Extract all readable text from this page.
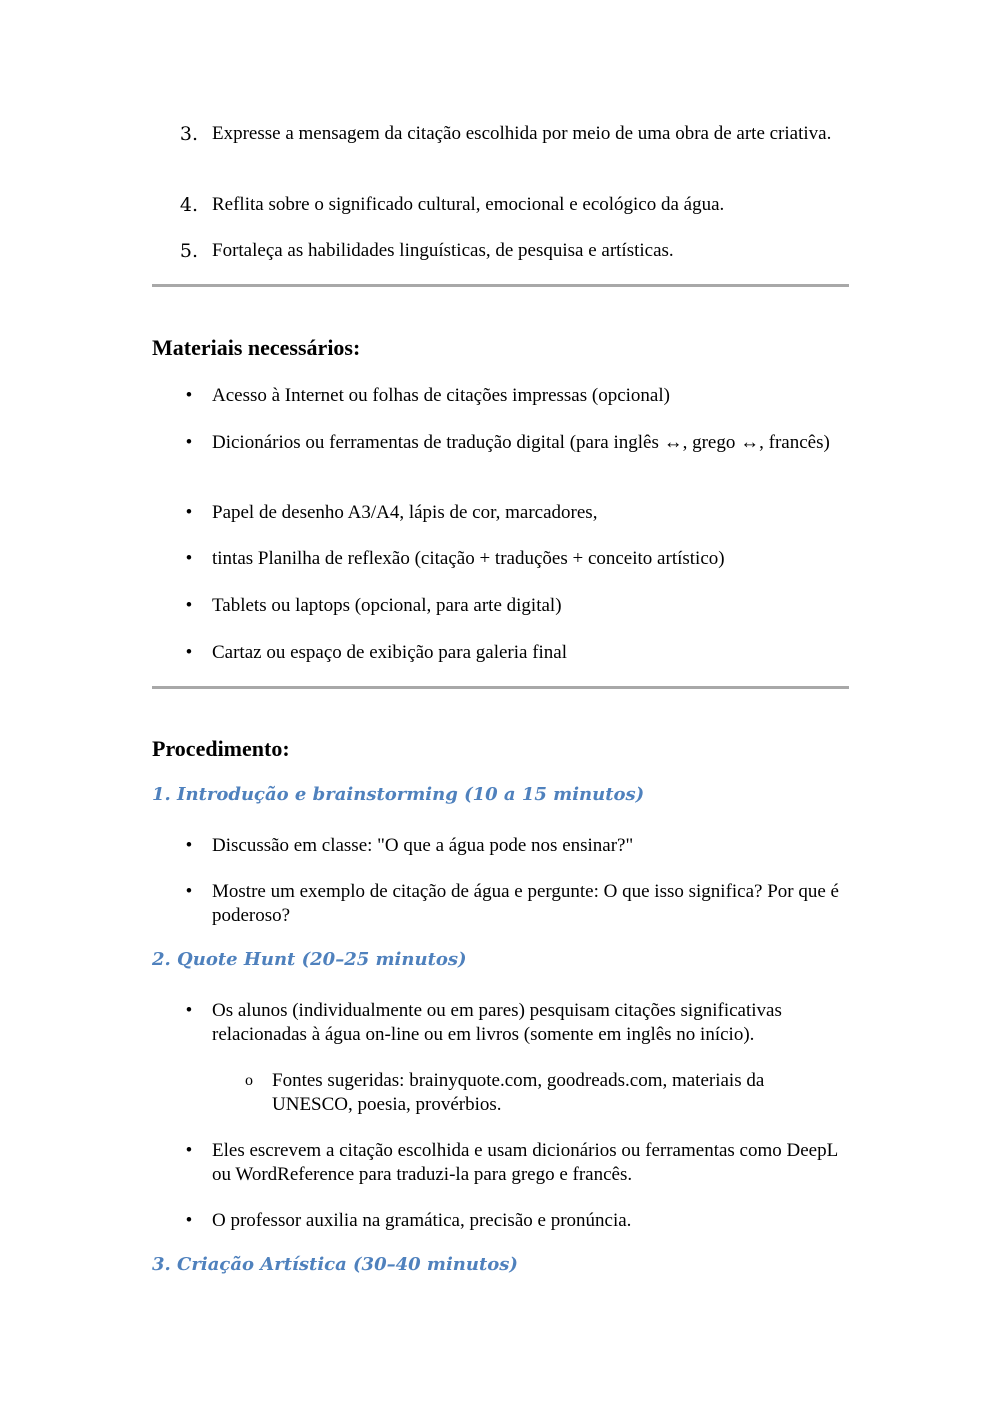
3. Expresse a mensagem da citação escolhida por meio de uma obra de arte criativa.
4. Reflita sobre o significado cultural, emocional e ecológico da água.
5. Fortaleça as habilidades linguísticas, de pesquisa e artísticas.
Materiais necessários:
•	Acesso à Internet ou folhas de citações impressas (opcional)
•	Dicionários ou ferramentas de tradução digital (para inglês ↔, grego ↔, francês)
•	Papel de desenho A3/A4, lápis de cor, marcadores,
•	tintas Planilha de reflexão (citação + traduções + conceito artístico)
•	Tablets ou laptops (opcional, para arte digital)
•	Cartaz ou espaço de exibição para galeria final
Procedimento:
1. Introdução e brainstorming (10 a 15 minutos)
•	Discussão em classe: "O que a água pode nos ensinar?"
•	Mostre um exemplo de citação de água e pergunte: O que isso significa? Por que é poderoso?
2. Quote Hunt (20–25 minutos)
•	Os alunos (individualmente ou em pares) pesquisam citações significativas relacionadas à água on-line ou em livros (somente em inglês no início).
o	Fontes sugeridas: brainyquote.com, goodreads.com, materiais da UNESCO, poesia, provérbios.
•	Eles escrevem a citação escolhida e usam dicionários ou ferramentas como DeepL ou WordReference para traduzi-la para grego e francês.
•	O professor auxilia na gramática, precisão e pronúncia.
3. Criação Artística (30–40 minutos)
